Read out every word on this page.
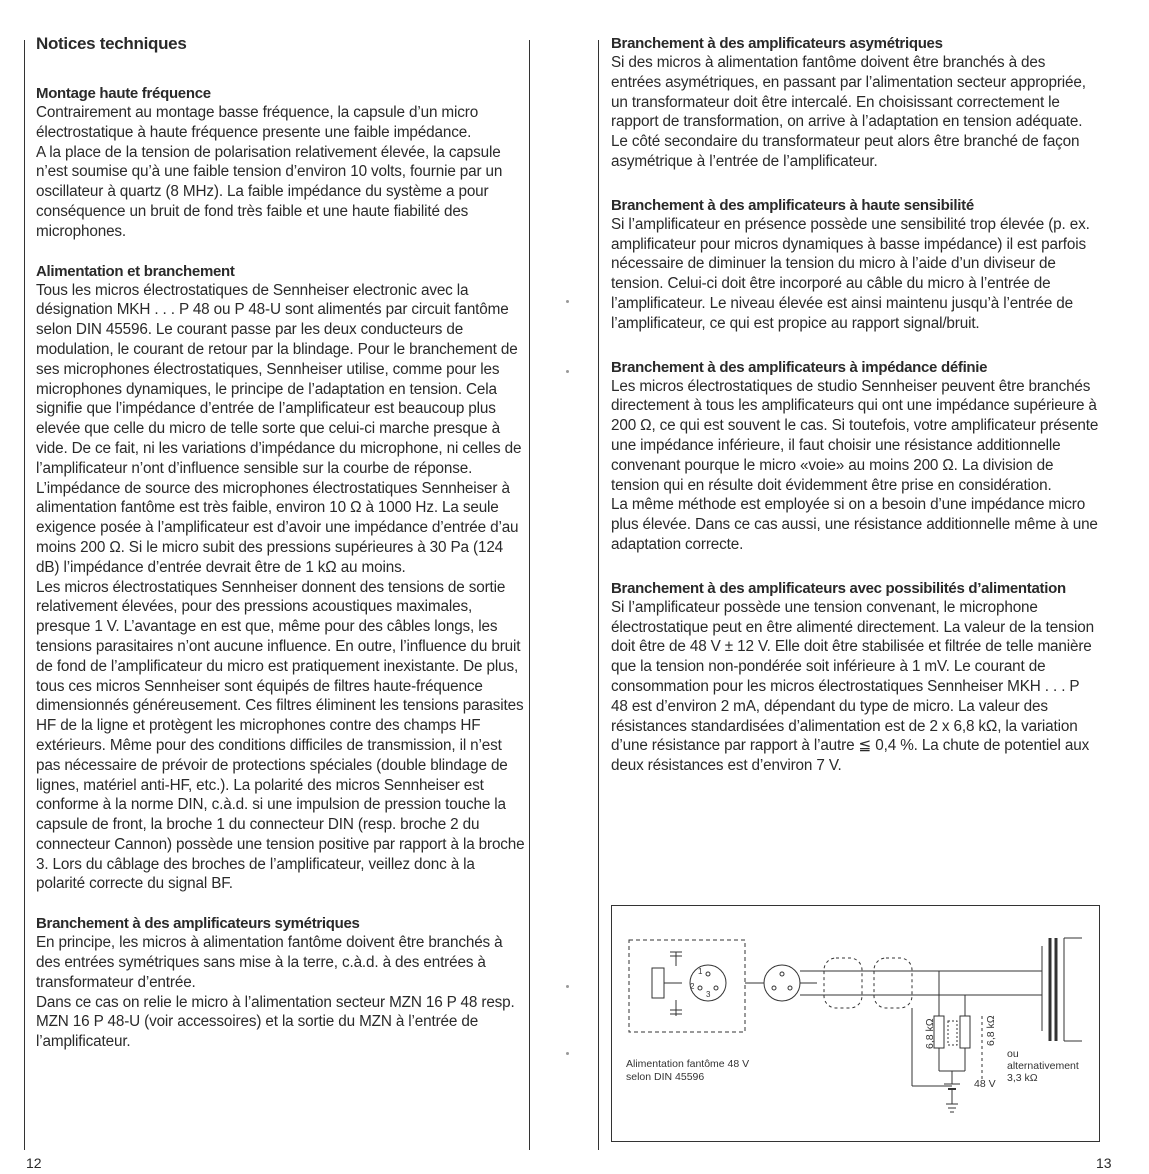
Notices techniques
Montage haute fréquence

Contrairement au montage basse fréquence, la capsule d’un micro électrostatique à haute fréquence presente une faible impédance.

A la place de la tension de polarisation relativement élevée, la capsule n’est soumise qu’à une faible tension d’environ 10 volts, fournie par un oscillateur à quartz (8 MHz). La faible impédance du système a pour conséquence un bruit de fond très faible et une haute fiabilité des microphones.

Alimentation et branchement

Tous les micros électrostatiques de Sennheiser electronic avec la désignation MKH . . . P 48 ou P 48-U sont alimentés par circuit fantôme selon DIN 45596. Le courant passe par les deux conducteurs de modulation, le courant de retour par la blindage. Pour le branchement de ses microphones électrostatiques, Sennheiser utilise, comme pour les microphones dynamiques, le principe de l’adaptation en tension. Cela signifie que l’impédance d’entrée de l’amplificateur est beaucoup plus elevée que celle du micro de telle sorte que celui-ci marche presque à vide. De ce fait, ni les variations d’impédance du microphone, ni celles de l’amplificateur n’ont d’influence sensible sur la courbe de réponse. L’impédance de source des microphones électrostatiques Sennheiser à alimentation fantôme est très faible, environ 10 Ω à 1000 Hz. La seule exigence posée à l’amplificateur est d’avoir une impédance d’entrée d’au moins 200 Ω. Si le micro subit des pressions supérieures à 30 Pa (124 dB) l’impédance d’entrée devrait être de 1 kΩ au moins.

Les micros électrostatiques Sennheiser donnent des tensions de sortie relativement élevées, pour des pressions acoustiques maximales, presque 1 V. L’avantage en est que, même pour des câbles longs, les tensions parasitaires n’ont aucune influence. En outre, l’influence du bruit de fond de l’amplificateur du micro est pratiquement inexistante. De plus, tous ces micros Sennheiser sont équipés de filtres haute-fréquence dimensionnés généreusement. Ces filtres éliminent les tensions parasites HF de la ligne et protègent les microphones contre des champs HF extérieurs. Même pour des conditions difficiles de transmission, il n’est pas nécessaire de prévoir de protections spéciales (double blindage de lignes, matériel anti-HF, etc.). La polarité des micros Sennheiser est conforme à la norme DIN, c.à.d. si une impulsion de pression touche la capsule de front, la broche 1 du connecteur DIN (resp. broche 2 du connecteur Cannon) possède une tension positive par rapport à la broche 3. Lors du câblage des broches de l’amplificateur, veillez donc à la polarité correcte du signal BF.

Branchement à des amplificateurs symétriques

En principe, les micros à alimentation fantôme doivent être branchés à des entrées symétriques sans mise à la terre, c.à.d. à des entrées à transformateur d’entrée.

Dans ce cas on relie le micro à l’alimentation secteur MZN 16 P 48 resp. MZN 16 P 48-U (voir accessoires) et la sortie du MZN à l’entrée de l’amplificateur.

12
Branchement à des amplificateurs asymétriques

Si des micros à alimentation fantôme doivent être branchés à des entrées asymétriques, en passant par l’alimentation secteur appropriée, un transformateur doit être intercalé. En choisissant correctement le rapport de transformation, on arrive à l’adaptation en tension adéquate. Le côté secondaire du transformateur peut alors être branché de façon asymétrique à l’entrée de l’amplificateur.

Branchement à des amplificateurs à haute sensibilité

Si l’amplificateur en présence possède une sensibilité trop élevée (p. ex. amplificateur pour micros dynamiques à basse impédance) il est parfois nécessaire de diminuer la tension du micro à l’aide d’un diviseur de tension. Celui-ci doit être incorporé au câble du micro à l’entrée de l’amplificateur. Le niveau élevée est ainsi maintenu jusqu’à l’entrée de l’amplificateur, ce qui est propice au rapport signal/bruit.

Branchement à des amplificateurs à impédance définie

Les micros électrostatiques de studio Sennheiser peuvent être branchés directement à tous les amplificateurs qui ont une impédance supérieure à 200 Ω, ce qui est souvent le cas. Si toutefois, votre amplificateur présente une impédance inférieure, il faut choisir une résistance additionnelle convenant pourque le micro «voie» au moins 200 Ω. La division de tension qui en résulte doit évidemment être prise en considération.

La même méthode est employée si on a besoin d’une impédance micro plus élevée. Dans ce cas aussi, une résistance additionnelle même à une adaptation correcte.

Branchement à des amplificateurs avec possibilités d’alimentation

Si l’amplificateur possède une tension convenant, le microphone électrostatique peut en être alimenté directement. La valeur de la tension doit être de 48 V ± 12 V. Elle doit être stabilisée et filtrée de telle manière que la tension non-pondérée soit inférieure à 1 mV. Le courant de consommation pour les micros électrostatiques Sennheiser MKH . . . P 48 est d’environ 2 mA, dépendant du type de micro. La valeur des résistances standardisées d’alimentation est de 2 x 6,8 kΩ, la variation d’une résistance par rapport à l’autre ≦ 0,4 %. La chute de potentiel aux deux résistances est d’environ 7 V.

1
2
3
6,8 kΩ	6,8 kΩ
ou
alternativement
3,3 kΩ
48 V
Alimentation fantôme 48 V
selon DIN 45596
13
